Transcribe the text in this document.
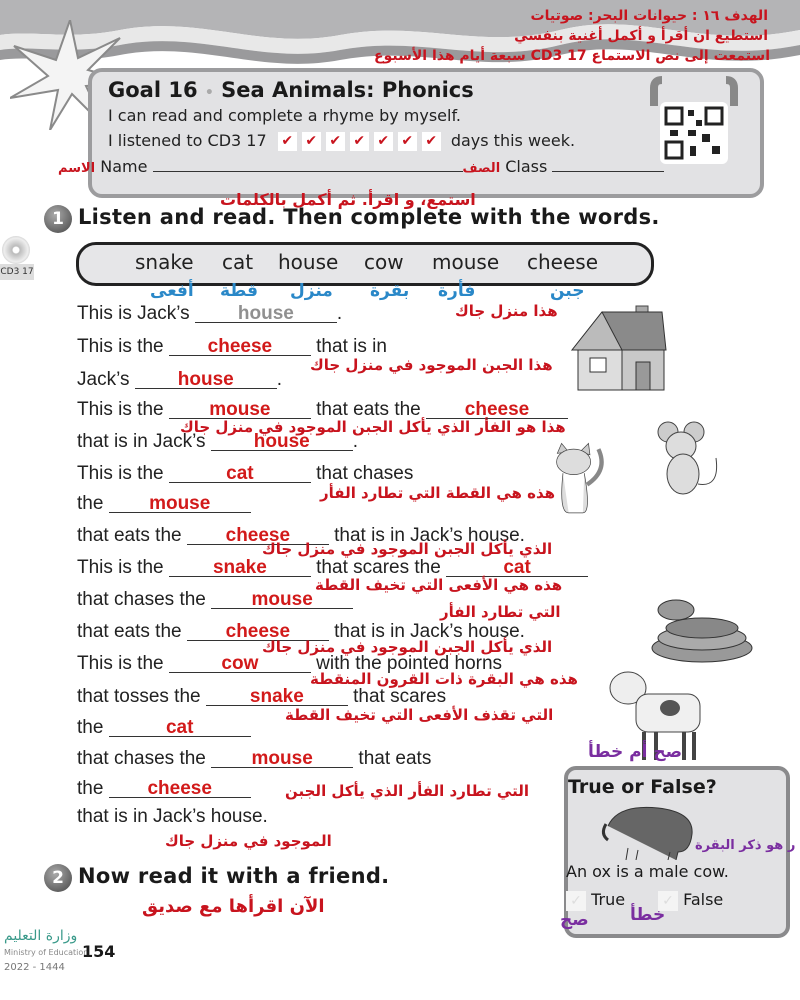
الهدف ١٦ : حيوانات البحر: صوتيات
استطيع ان أقرأ و أكمل أغنية بنفسي
استمعت إلى نص الاستماع CD3 17 سبعة أيام هذا الأسبوع
Goal 16 • Sea Animals: Phonics
I can read and complete a rhyme by myself.
I listened to CD3 17 ✔ ✔ ✔ ✔ ✔ ✔ ✔ days this week.
الاسم Name	الصف Class
استمع، و اقرأ. ثم أكمل بالكلمات
1 Listen and read. Then complete with the words.
CD3 17	snake
أفعى
cat
قطة
house
منزل
cow
بقرة
mouse
فأرة
cheese
جبن
This is Jack’s house .
This is the cheese that is in
Jack’s house .
This is the mouse that eats the cheese
that is in Jack’s house .
This is the	cat	that chases
the mouse
that eats the cheese that is in Jack’s house.
This is the snake that scares the	cat
that chases the mouse
that eats the cheese that is in Jack’s house.
This is the	cow	with the pointed horns
that tosses the snake that scares
the	cat
that chases the mouse that eats
the cheese
that is in Jack’s house.
هذا منزل جاك
هذا الجبن الموجود في منزل جاك
هذا هو الفأر الذي يأكل الجبن الموجود في منزل جاك
هذه هي القطة التي تطارد الفأر
الذي يأكل الجبن الموجود في منزل جاك
هذه هي الأفعى التي تخيف القطة
التي تطارد الفأر
الذي يأكل الجبن الموجود في منزل جاك
هذه هي البقرة ذات القرون المنقطة
التي تقذف الأفعى التي تخيف القطة
التي تطارد الفأر الذي يأكل الجبن
الموجود في منزل جاك
صح أم خطأ
True or False?
ر هو ذكر البقرة
An ox is a male cow.
✓ True	✓ False
صح خطأ
2 Now read it with a friend.
الآن اقرأها مع صديق
وزارة التعليم
Ministry of Education
2022 - 1444
154
